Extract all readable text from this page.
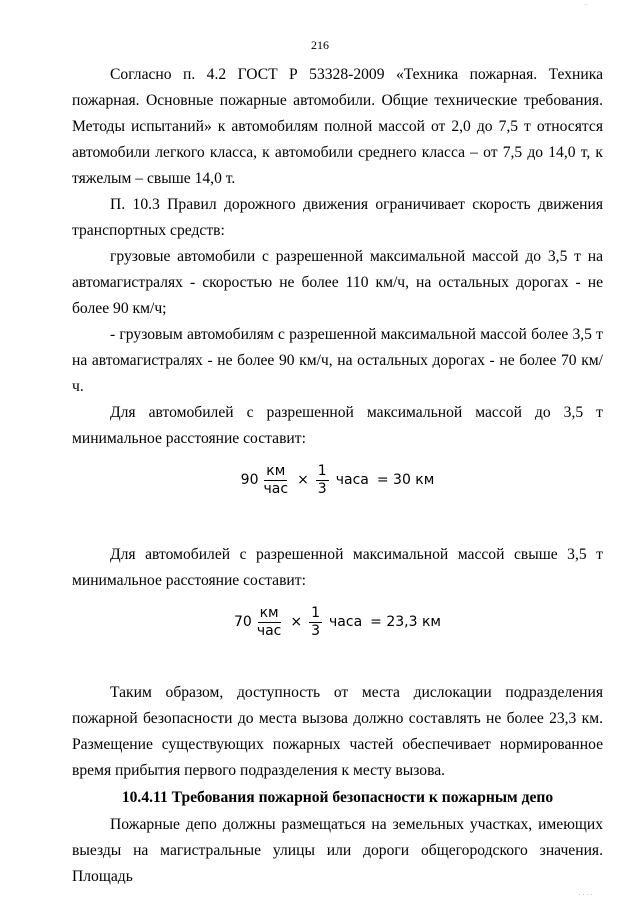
..
216

Согласно п. 4.2 ГОСТ Р 53328-2009 «Техника пожарная. Техника пожарная. Основные пожарные автомобили. Общие технические требования. Методы испытаний» к автомобилям полной массой от 2,0 до 7,5 т относятся автомобили легкого класса, к автомобили среднего класса – от 7,5 до 14,0 т, к тяжелым – свыше 14,0 т.

П. 10.3 Правил дорожного движения ограничивает скорость движения транспортных средств:

грузовые автомобили с разрешенной максимальной массой до 3,5 т на автомагистралях - скоростью не более 110 км/ч, на остальных дорогах - не более 90 км/ч;

- грузовым автомобилям с разрешенной максимальной массой более 3,5 т на автомагистралях - не более 90 км/ч, на остальных дорогах - не более 70 км/ч.

Для автомобилей с разрешенной максимальной массой до 3,5 т минимальное расстояние составит:

$90 \frac{км}{\text{час}} \times \frac{1}{3}$ часа = 30 км

Для автомобилей с разрешенной максимальной массой свыше 3,5 т минимальное расстояние составит:

$70 \frac{км}{\text{час}} \times \frac{1}{3}$ часа = 23,3 км

Таким образом, доступность от места дислокации подразделения пожарной безопасности до места вызова должно составлять не более 23,3 км. Размещение существующих пожарных частей обеспечивает нормированное время прибытия первого подразделения к месту вызова.

10.4.11 Требования пожарной безопасности к пожарным депо

Пожарные депо должны размещаться на земельных участках, имеющих выезды на магистральные улицы или дороги общегородского значения. Площадь

· · · ·
